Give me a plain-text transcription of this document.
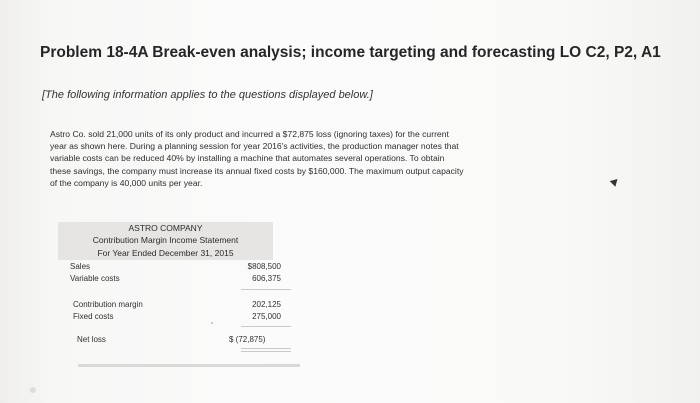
Problem 18-4A Break-even analysis; income targeting and forecasting LO C2, P2, A1
[The following information applies to the questions displayed below.]
Astro Co. sold 21,000 units of its only product and incurred a $72,875 loss (ignoring taxes) for the current
year as shown here. During a planning session for year 2016's activities, the production manager notes that
variable costs can be reduced 40% by installing a machine that automates several operations. To obtain
these savings, the company must increase its annual fixed costs by $160,000. The maximum output capacity
of the company is 40,000 units per year.
ASTRO COMPANY
Contribution Margin Income Statement
For Year Ended December 31, 2015
Sales	$808,500
Variable costs	606,375
Contribution margin	202,125
Fixed costs	275,000
Net loss	$ (72,875)
